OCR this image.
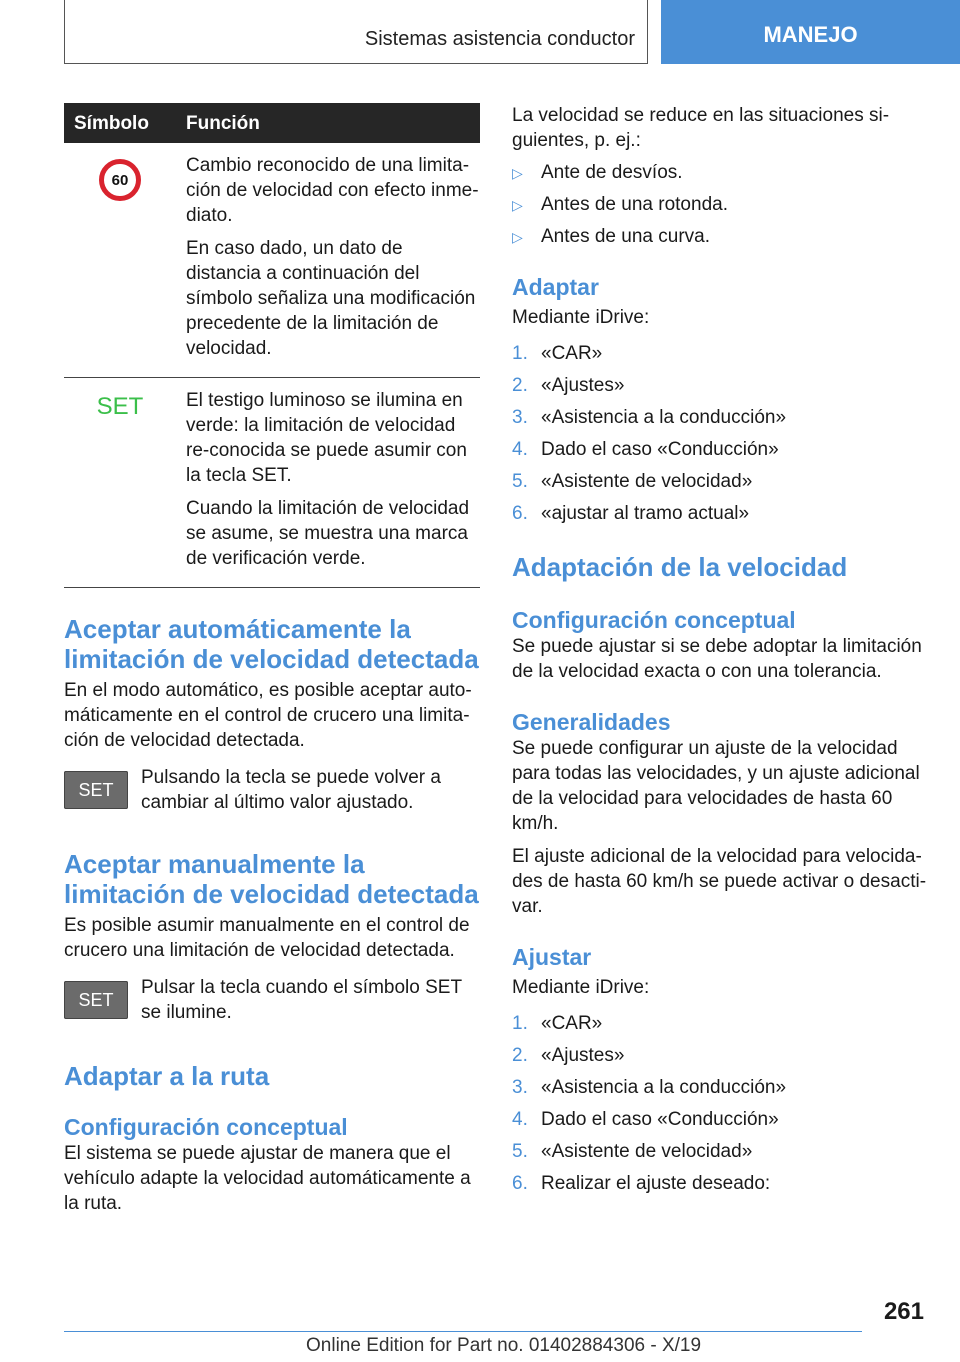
Sistemas asistencia conductor	MANEJO
Símbolo	Función
60	Cambio reconocido de una limita-ción de velocidad con efecto inme-diato.

En caso dado, un dato de distancia a continuación del símbolo señaliza una modificación precedente de la limitación de velocidad.

SET	El testigo luminoso se ilumina en verde: la limitación de velocidad re-conocida se puede asumir con la tecla SET.

Cuando la limitación de velocidad se asume, se muestra una marca de verificación verde.

Aceptar automáticamente la limitación de velocidad detectada

En el modo automático, es posible aceptar auto-máticamente en el control de crucero una limita-ción de velocidad detectada.

SET

Pulsando la tecla se puede volver a cambiar al último valor ajustado.

Aceptar manualmente la limitación de velocidad detectada

Es posible asumir manualmente en el control de crucero una limitación de velocidad detectada.

SET

Pulsar la tecla cuando el símbolo SET se ilumine.

Adaptar a la ruta
Configuración conceptual

El sistema se puede ajustar de manera que el vehículo adapte la velocidad automáticamente a la ruta.

La velocidad se reduce en las situaciones si-guientes, p. ej.:

▷ Ante de desvíos.
▷ Antes de una rotonda.
▷ Antes de una curva.
Adaptar

Mediante iDrive:

1. «CAR»
2. «Ajustes»
3. «Asistencia a la conducción»
4. Dado el caso «Conducción»
5. «Asistente de velocidad»
6. «ajustar al tramo actual»
Adaptación de la velocidad
Configuración conceptual

Se puede ajustar si se debe adoptar la limitación de la velocidad exacta o con una tolerancia.

Generalidades

Se puede configurar un ajuste de la velocidad para todas las velocidades, y un ajuste adicional de la velocidad para velocidades de hasta 60 km/h.

El ajuste adicional de la velocidad para velocida-des de hasta 60 km/h se puede activar o desacti-var.

Ajustar

Mediante iDrive:

1. «CAR»
2. «Ajustes»
3. «Asistencia a la conducción»
4. Dado el caso «Conducción»
5. «Asistente de velocidad»
6. Realizar el ajuste deseado:
261
Online Edition for Part no. 01402884306 - X/19
